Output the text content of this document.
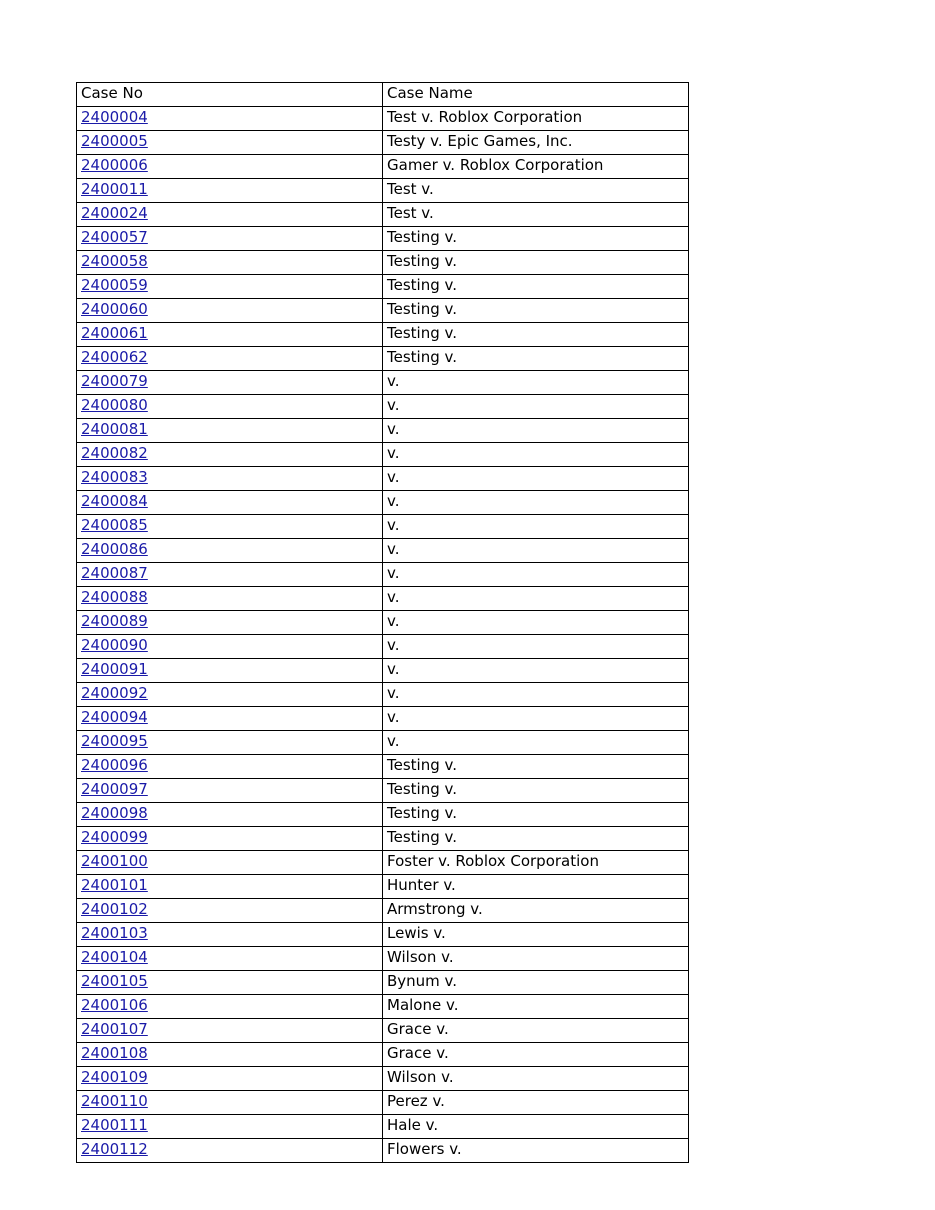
Case No	Case Name
2400004	Test v. Roblox Corporation
2400005	Testy v. Epic Games, Inc.
2400006	Gamer v. Roblox Corporation
2400011	Test v.
2400024	Test v.
2400057	Testing v.
2400058	Testing v.
2400059	Testing v.
2400060	Testing v.
2400061	Testing v.
2400062	Testing v.
2400079	v.
2400080	v.
2400081	v.
2400082	v.
2400083	v.
2400084	v.
2400085	v.
2400086	v.
2400087	v.
2400088	v.
2400089	v.
2400090	v.
2400091	v.
2400092	v.
2400094	v.
2400095	v.
2400096	Testing v.
2400097	Testing v.
2400098	Testing v.
2400099	Testing v.
2400100	Foster v. Roblox Corporation
2400101	Hunter v.
2400102	Armstrong v.
2400103	Lewis v.
2400104	Wilson v.
2400105	Bynum v.
2400106	Malone v.
2400107	Grace v.
2400108	Grace v.
2400109	Wilson v.
2400110	Perez v.
2400111	Hale v.
2400112	Flowers v.
